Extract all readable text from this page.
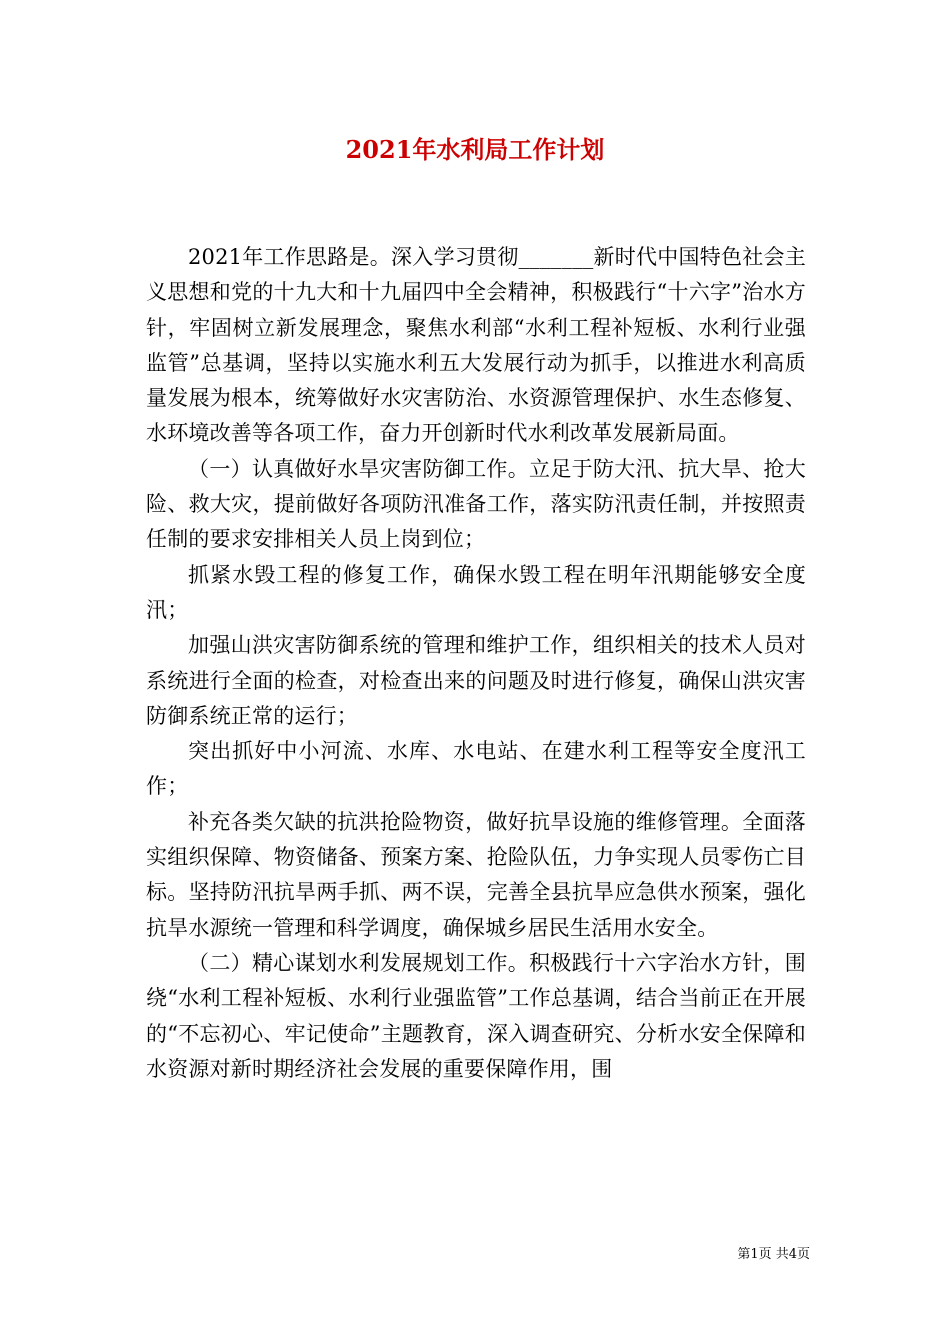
2021年水利局工作计划

2021年工作思路是。深入学习贯彻_______新时代中国特色社会主义思想和党的十九大和十九届四中全会精神，积极践行“十六字”治水方针，牢固树立新发展理念，聚焦水利部“水利工程补短板、水利行业强监管”总基调，坚持以实施水利五大发展行动为抓手，以推进水利高质量发展为根本，统筹做好水灾害防治、水资源管理保护、水生态修复、水环境改善等各项工作，奋力开创新时代水利改革发展新局面。

（一）认真做好水旱灾害防御工作。立足于防大汛、抗大旱、抢大险、救大灾，提前做好各项防汛准备工作，落实防汛责任制，并按照责任制的要求安排相关人员上岗到位；

抓紧水毁工程的修复工作，确保水毁工程在明年汛期能够安全度汛；

加强山洪灾害防御系统的管理和维护工作，组织相关的技术人员对系统进行全面的检查，对检查出来的问题及时进行修复，确保山洪灾害防御系统正常的运行；

突出抓好中小河流、水库、水电站、在建水利工程等安全度汛工作；

补充各类欠缺的抗洪抢险物资，做好抗旱设施的维修管理。全面落实组织保障、物资储备、预案方案、抢险队伍，力争实现人员零伤亡目标。坚持防汛抗旱两手抓、两不误，完善全县抗旱应急供水预案，强化抗旱水源统一管理和科学调度，确保城乡居民生活用水安全。

（二）精心谋划水利发展规划工作。积极践行十六字治水方针，围绕“水利工程补短板、水利行业强监管”工作总基调，结合当前正在开展的“不忘初心、牢记使命”主题教育，深入调查研究、分析水安全保障和水资源对新时期经济社会发展的重要保障作用，围

第1页 共4页
